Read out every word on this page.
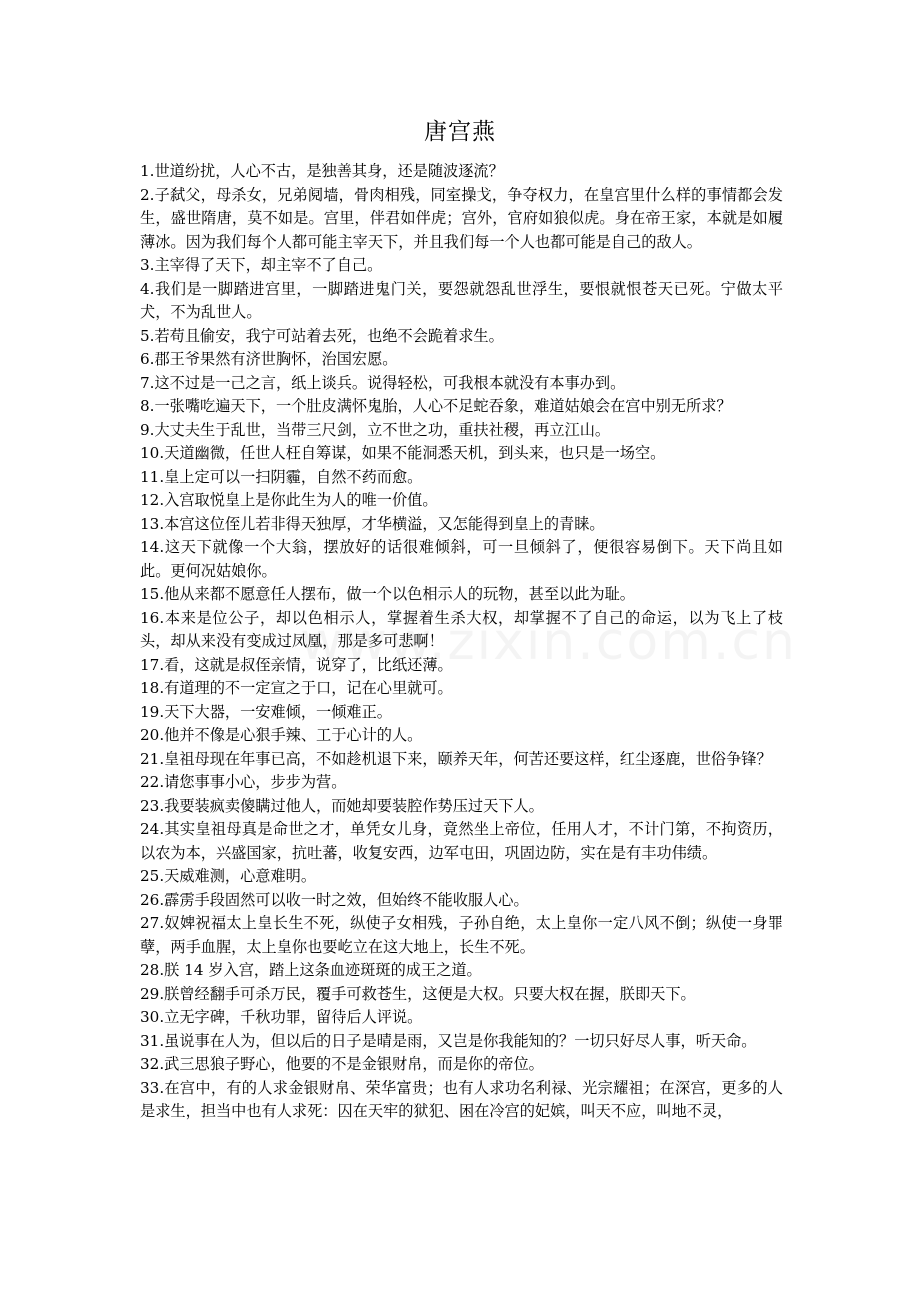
唐宫燕

1.世道纷扰，人心不古，是独善其身，还是随波逐流？

2.子弑父，母杀女，兄弟阋墙，骨肉相残，同室操戈，争夺权力，在皇宫里什么样的事情都会发生，盛世隋唐，莫不如是。宫里，伴君如伴虎；宫外，官府如狼似虎。身在帝王家，本就是如履薄冰。因为我们每个人都可能主宰天下，并且我们每一个人也都可能是自己的敌人。

3.主宰得了天下，却主宰不了自己。

4.我们是一脚踏进宫里，一脚踏进鬼门关，要怨就怨乱世浮生，要恨就恨苍天已死。宁做太平犬，不为乱世人。

5.若苟且偷安，我宁可站着去死，也绝不会跪着求生。

6.郡王爷果然有济世胸怀，治国宏愿。

7.这不过是一己之言，纸上谈兵。说得轻松，可我根本就没有本事办到。

8.一张嘴吃遍天下，一个肚皮满怀鬼胎，人心不足蛇吞象，难道姑娘会在宫中别无所求？

9.大丈夫生于乱世，当带三尺剑，立不世之功，重扶社稷，再立江山。

10.天道幽微，任世人枉自筹谋，如果不能洞悉天机，到头来，也只是一场空。

11.皇上定可以一扫阴霾，自然不药而愈。

12.入宫取悦皇上是你此生为人的唯一价值。

13.本宫这位侄儿若非得天独厚，才华横溢，又怎能得到皇上的青睐。

14.这天下就像一个大翁，摆放好的话很难倾斜，可一旦倾斜了，便很容易倒下。天下尚且如此。更何况姑娘你。

15.他从来都不愿意任人摆布，做一个以色相示人的玩物，甚至以此为耻。

16.本来是位公子，却以色相示人，掌握着生杀大权，却掌握不了自己的命运，以为飞上了枝头，却从来没有变成过凤凰，那是多可悲啊！

17.看，这就是叔侄亲情，说穿了，比纸还薄。

18.有道理的不一定宣之于口，记在心里就可。

19.天下大器，一安难倾，一倾难正。

20.他并不像是心狠手辣、工于心计的人。

21.皇祖母现在年事已高，不如趁机退下来，颐养天年，何苦还要这样，红尘逐鹿，世俗争锋？

22.请您事事小心，步步为营。

23.我要装疯卖傻瞒过他人，而她却要装腔作势压过天下人。

24.其实皇祖母真是命世之才，单凭女儿身，竟然坐上帝位，任用人才，不计门第，不拘资历，以农为本，兴盛国家，抗吐蕃，收复安西，边军屯田，巩固边防，实在是有丰功伟绩。

25.天威难测，心意难明。

26.霹雳手段固然可以收一时之效，但始终不能收服人心。

27.奴婢祝福太上皇长生不死，纵使子女相残，子孙自绝，太上皇你一定八风不倒；纵使一身罪孽，两手血腥，太上皇你也要屹立在这大地上，长生不死。

28.朕 14 岁入宫，踏上这条血迹斑斑的成王之道。

29.朕曾经翻手可杀万民，覆手可救苍生，这便是大权。只要大权在握，朕即天下。

30.立无字碑，千秋功罪，留待后人评说。

31.虽说事在人为，但以后的日子是晴是雨，又岂是你我能知的？一切只好尽人事，听天命。

32.武三思狼子野心，他要的不是金银财帛，而是你的帝位。

33.在宫中，有的人求金银财帛、荣华富贵；也有人求功名利禄、光宗耀祖；在深宫，更多的人是求生，担当中也有人求死：囚在天牢的狱犯、困在冷宫的妃嫔，叫天不应，叫地不灵，
